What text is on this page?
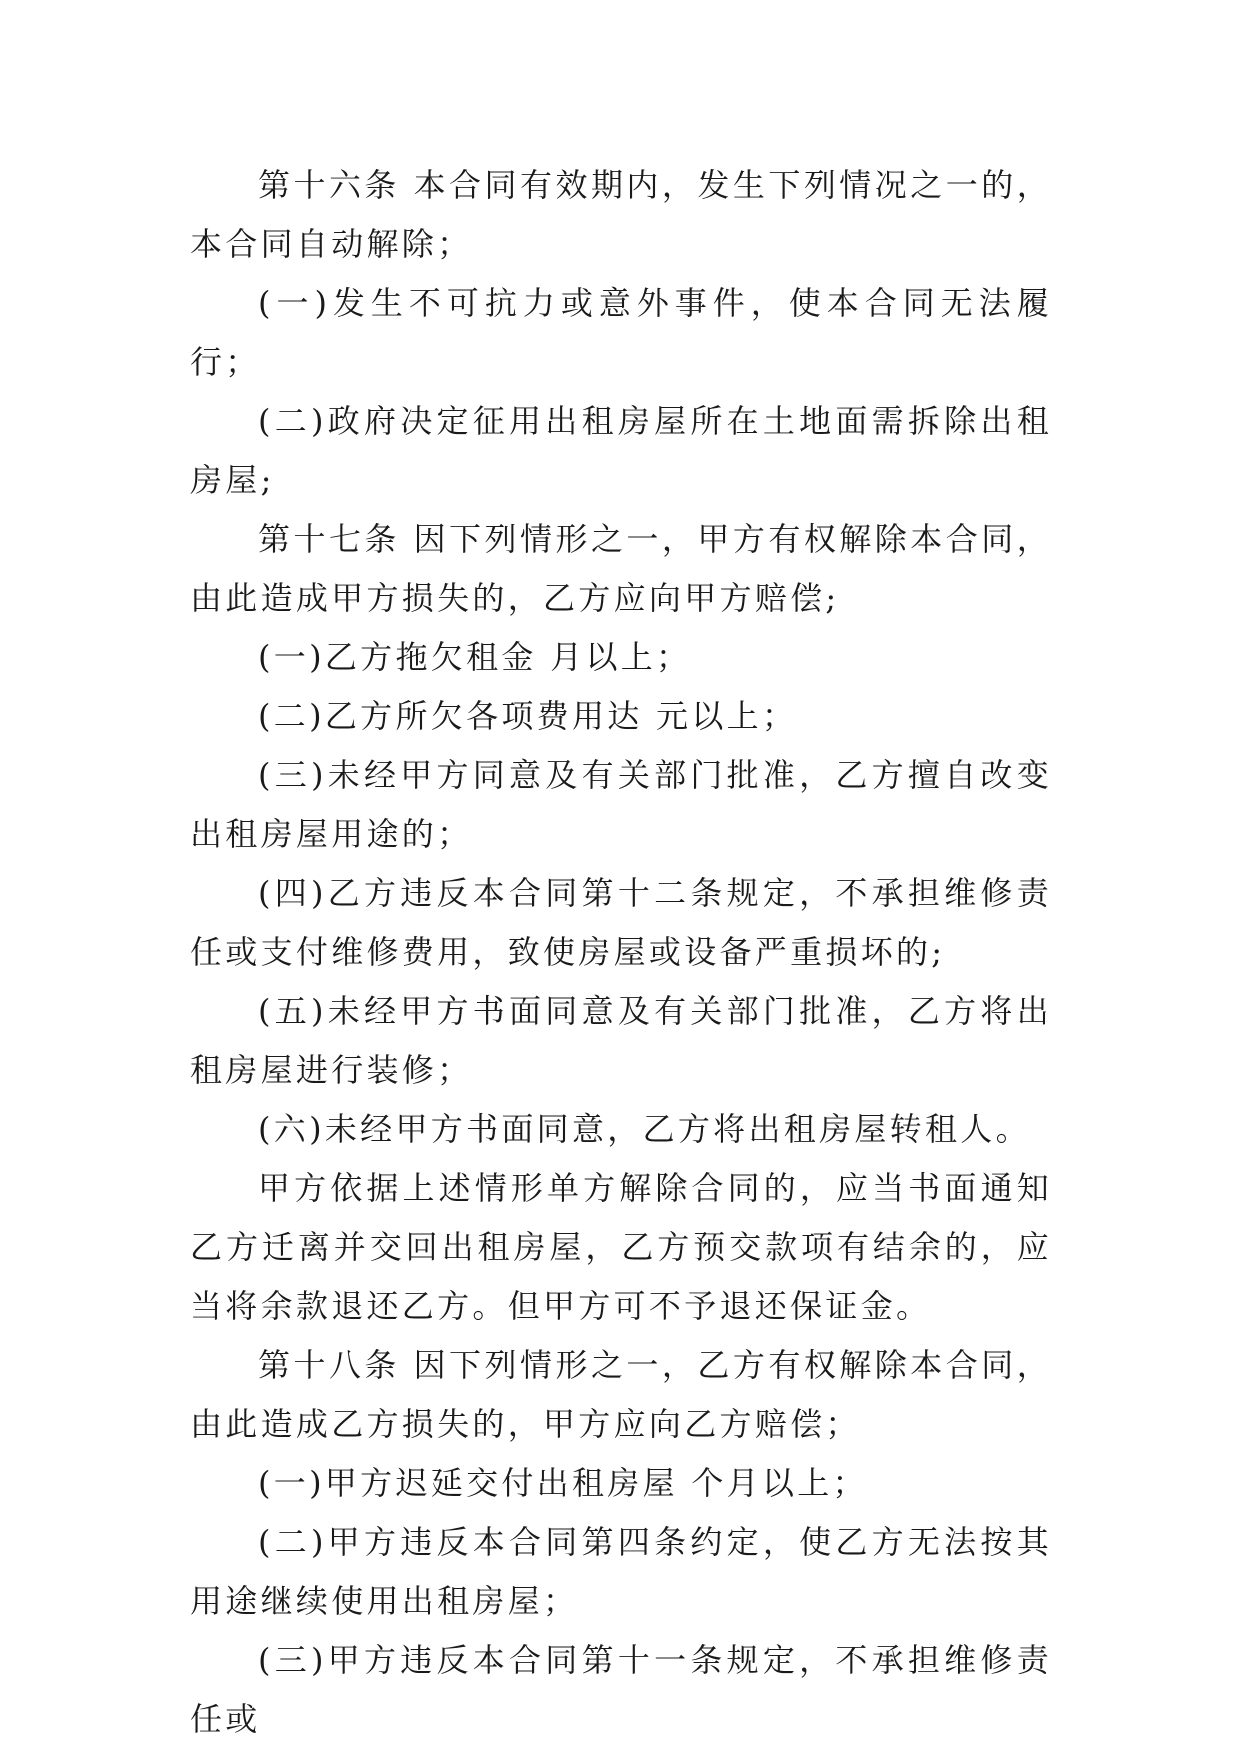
第十六条 本合同有效期内，发生下列情况之一的，本合同自动解除；

(一)发生不可抗力或意外事件，使本合同无法履行；

(二)政府决定征用出租房屋所在土地面需拆除出租房屋;

第十七条 因下列情形之一，甲方有权解除本合同，由此造成甲方损失的，乙方应向甲方赔偿;

(一)乙方拖欠租金 月以上；

(二)乙方所欠各项费用达 元以上；

(三)未经甲方同意及有关部门批准，乙方擅自改变出租房屋用途的；

(四)乙方违反本合同第十二条规定，不承担维修责任或支付维修费用，致使房屋或设备严重损坏的;

(五)未经甲方书面同意及有关部门批准，乙方将出租房屋进行装修；

(六)未经甲方书面同意，乙方将出租房屋转租人。

甲方依据上述情形单方解除合同的，应当书面通知乙方迁离并交回出租房屋，乙方预交款项有结余的，应当将余款退还乙方。但甲方可不予退还保证金。

第十八条 因下列情形之一，乙方有权解除本合同，由此造成乙方损失的，甲方应向乙方赔偿；

(一)甲方迟延交付出租房屋 个月以上；

(二)甲方违反本合同第四条约定，使乙方无法按其用途继续使用出租房屋；

(三)甲方违反本合同第十一条规定，不承担维修责任或
